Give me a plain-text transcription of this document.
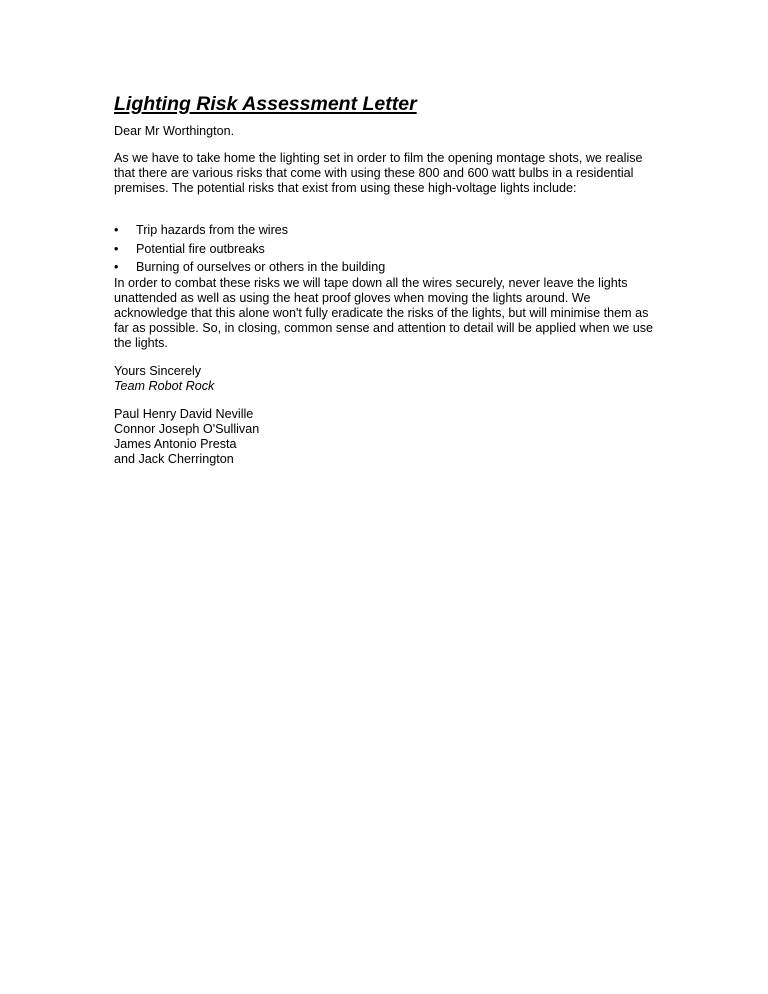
Lighting Risk Assessment Letter

Dear Mr Worthington.

As we have to take home the lighting set in order to film the opening montage shots, we realise that there are various risks that come with using these 800 and 600 watt bulbs in a residential premises. The potential risks that exist from using these high-voltage lights include:

• Trip hazards from the wires
• Potential fire outbreaks
• Burning of ourselves or others in the building

In order to combat these risks we will tape down all the wires securely, never leave the lights unattended as well as using the heat proof gloves when moving the lights around. We acknowledge that this alone won't fully eradicate the risks of the lights, but will minimise them as far as possible. So, in closing, common sense and attention to detail will be applied when we use the lights.

Yours Sincerely

Team Robot Rock

Paul Henry David Neville

Connor Joseph O'Sullivan

James Antonio Presta

and Jack Cherrington
